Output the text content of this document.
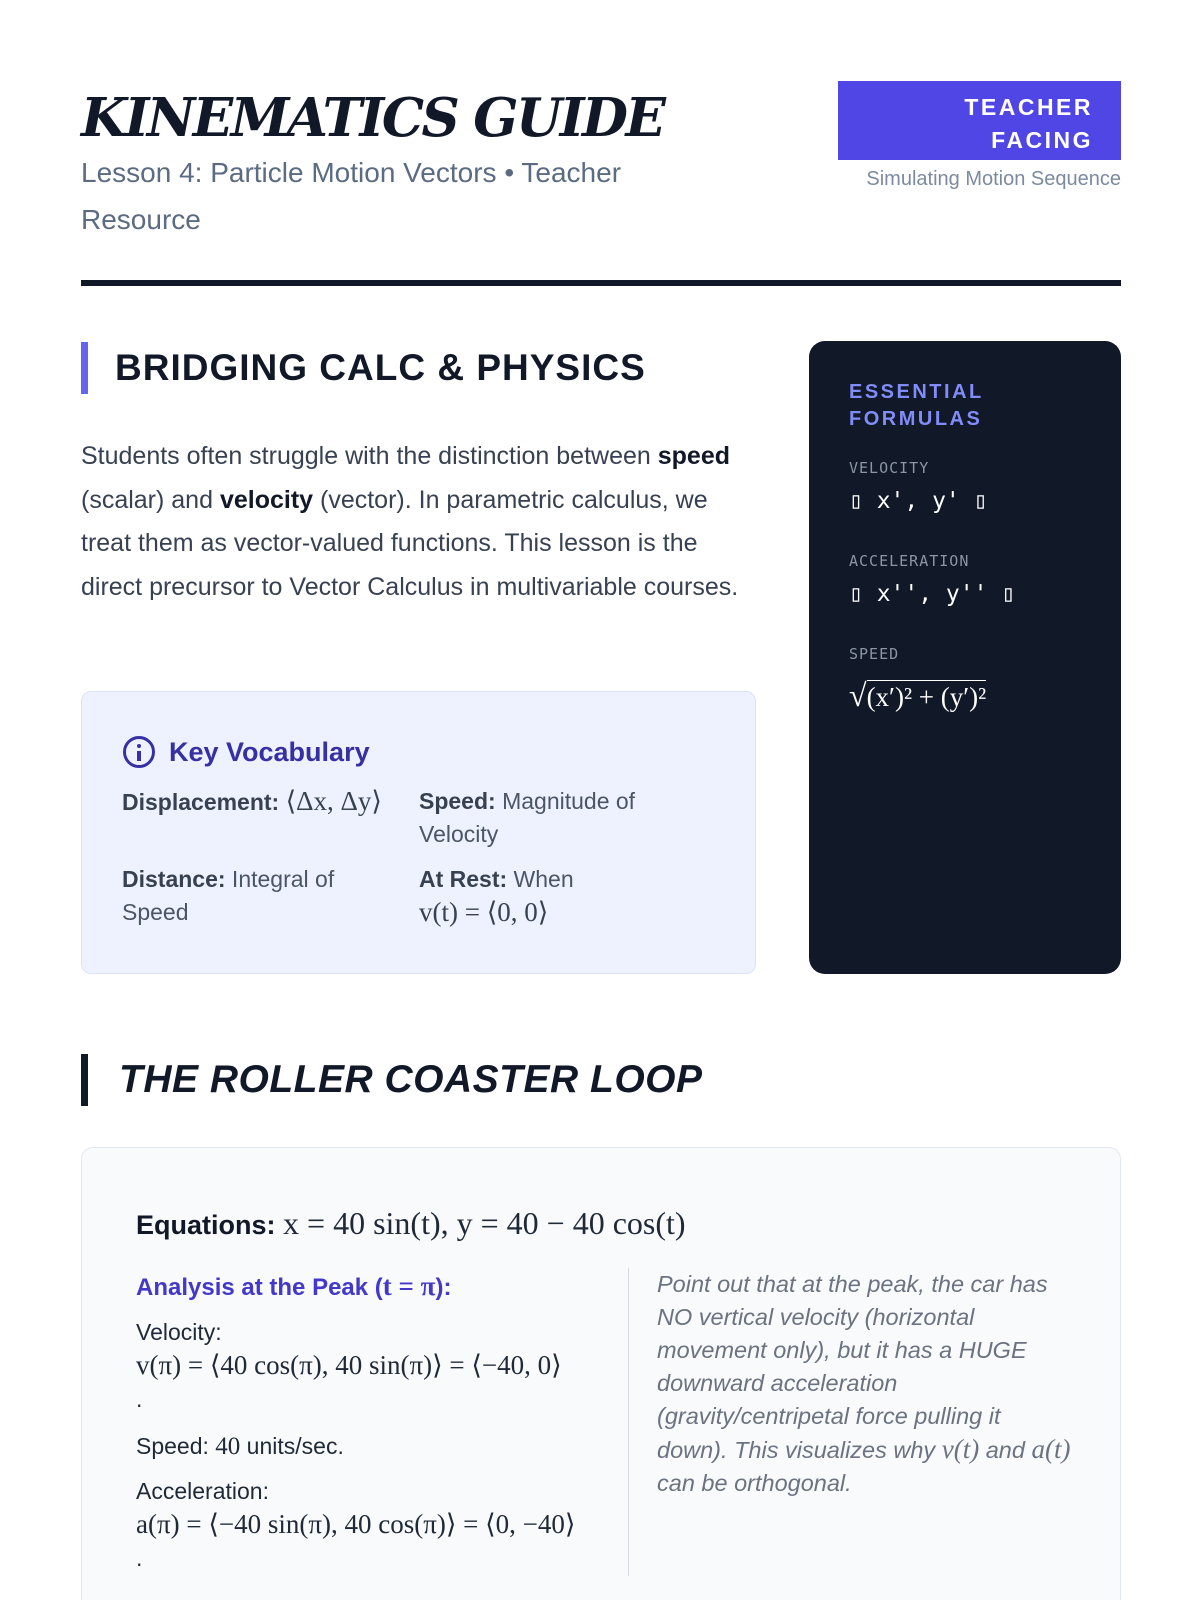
KINEMATICS GUIDE
Lesson 4: Particle Motion Vectors • Teacher Resource
TEACHER
FACING
Simulating Motion Sequence
BRIDGING CALC & PHYSICS

Students often struggle with the distinction between speed (scalar) and velocity (vector). In parametric calculus, we treat them as vector-valued functions. This lesson is the direct precursor to Vector Calculus in multivariable courses.

Key Vocabulary
Displacement: ⟨Δx, Δy⟩	Speed: Magnitude of Velocity
Distance: Integral of Speed
At Rest: When
v(t) = ⟨0, 0⟩
ESSENTIAL FORMULAS
VELOCITY
▯ x', y' ▯
ACCELERATION
▯ x'', y'' ▯
SPEED
√(x′)² + (y′)²
THE ROLLER COASTER LOOP
Equations: x = 40 sin(t), y = 40 − 40 cos(t)
Analysis at the Peak (t = π):
Velocity:
v(π) = ⟨40 cos(π), 40 sin(π)⟩ = ⟨−40, 0⟩
.
Speed: 40 units/sec.
Acceleration:
a(π) = ⟨−40 sin(π), 40 cos(π)⟩ = ⟨0, −40⟩
.

Point out that at the peak, the car has NO vertical velocity (horizontal movement only), but it has a HUGE downward acceleration (gravity/centripetal force pulling it down). This visualizes why v(t) and a(t) can be orthogonal.
